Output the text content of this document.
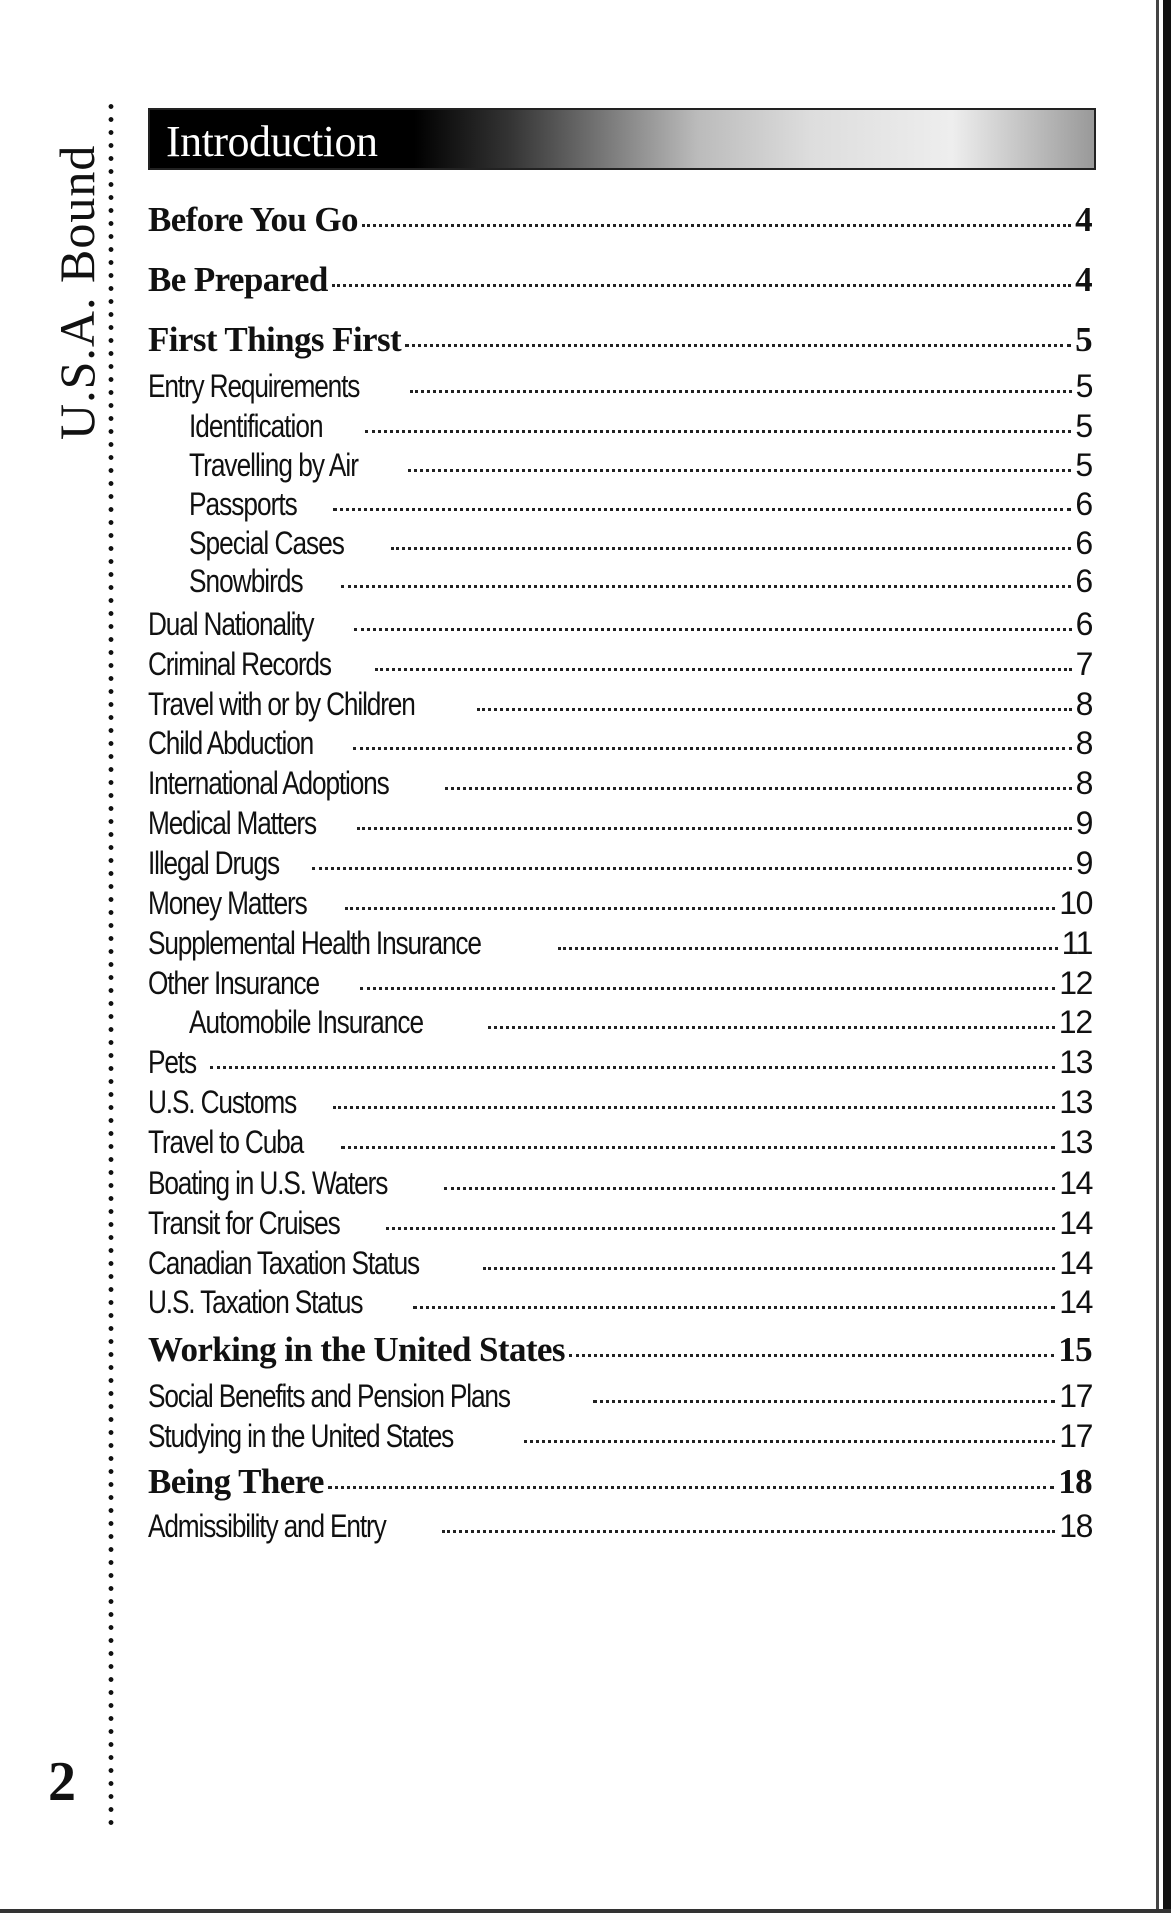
U.S.A. Bound
2
Introduction
Before You Go	4
Be Prepared	4
First Things First	5
Entry Requirements	5
Identification	5
Travelling by Air	5
Passports	6
Special Cases	6
Snowbirds	6
Dual Nationality	6
Criminal Records	7
Travel with or by Children	8
Child Abduction	8
International Adoptions	8
Medical Matters	9
Illegal Drugs	9
Money Matters	10
Supplemental Health Insurance	11
Other Insurance	12
Automobile Insurance	12
Pets	13
U.S. Customs	13
Travel to Cuba	13
Boating in U.S. Waters	14
Transit for Cruises	14
Canadian Taxation Status	14
U.S. Taxation Status	14
Working in the United States	15
Social Benefits and Pension Plans	17
Studying in the United States	17
Being There	18
Admissibility and Entry	18
